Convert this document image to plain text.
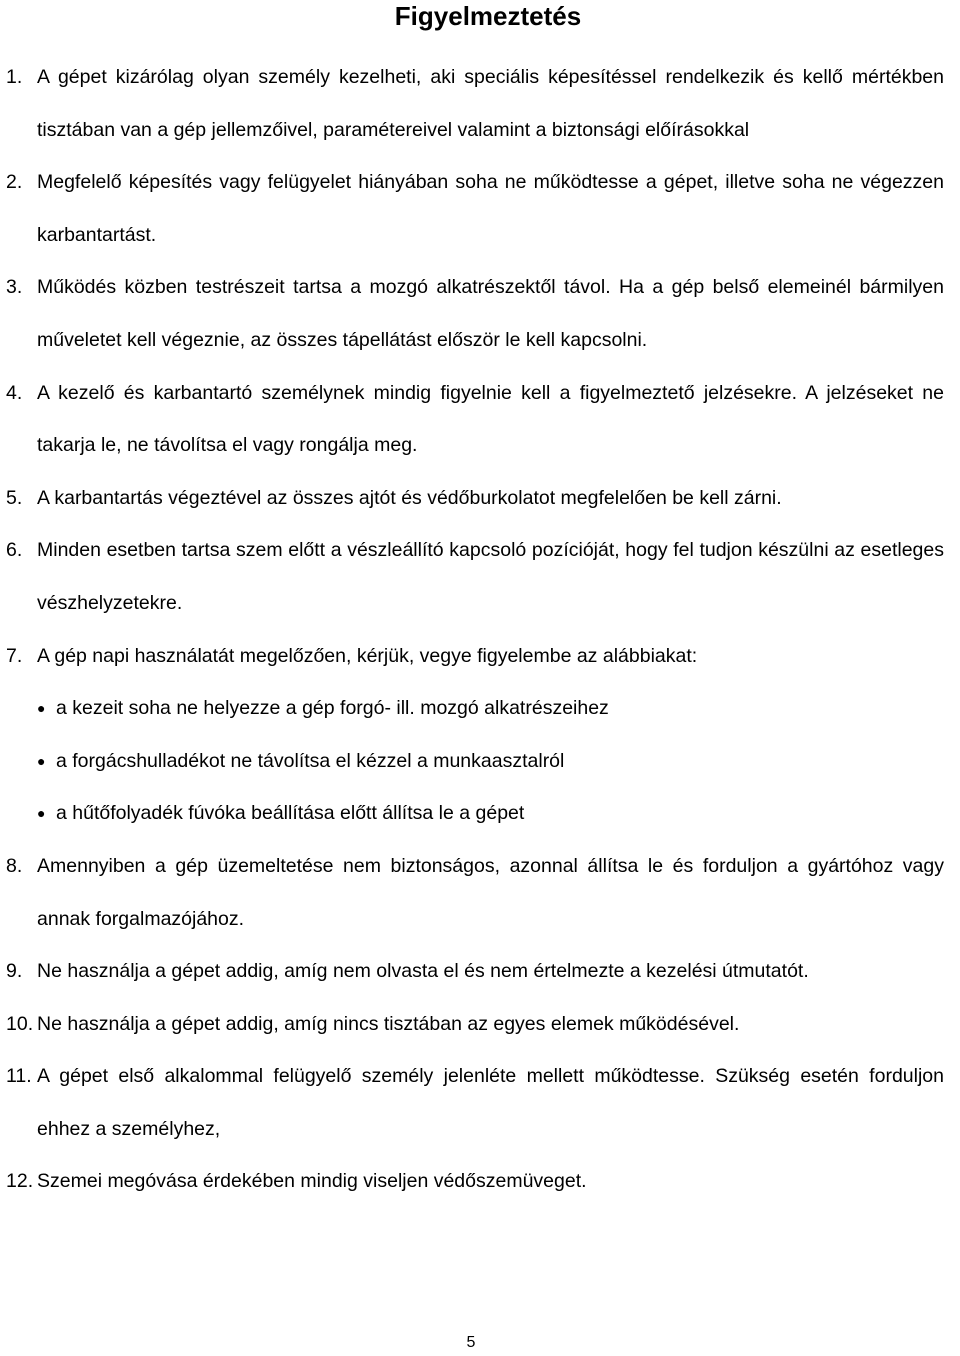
Figyelmeztetés
1. A gépet kizárólag olyan személy kezelheti, aki speciális képesítéssel rendelkezik és kellő mértékben tisztában van a gép jellemzőivel, paramétereivel valamint a biztonsági előírásokkal
2. Megfelelő képesítés vagy felügyelet hiányában soha ne működtesse a gépet, illetve soha ne végezzen karbantartást.
3. Működés közben testrészeit tartsa a mozgó alkatrészektől távol. Ha a gép belső elemeinél bármilyen műveletet kell végeznie, az összes tápellátást először le kell kapcsolni.
4. A kezelő és karbantartó személynek mindig figyelnie kell a figyelmeztető jelzésekre. A jelzéseket ne takarja le, ne távolítsa el vagy rongálja meg.
5. A karbantartás végeztével az összes ajtót és védőburkolatot megfelelően be kell zárni.
6. Minden esetben tartsa szem előtt a vészleállító kapcsoló pozícióját, hogy fel tudjon készülni az esetleges vészhelyzetekre.
7. A gép napi használatát megelőzően, kérjük, vegye figyelembe az alábbiakat:
● a kezeit soha ne helyezze a gép forgó- ill. mozgó alkatrészeihez
● a forgácshulladékot ne távolítsa el kézzel a munkaasztalról
● a hűtőfolyadék fúvóka beállítása előtt állítsa le a gépet
8. Amennyiben a gép üzemeltetése nem biztonságos, azonnal állítsa le és forduljon a gyártóhoz vagy annak forgalmazójához.
9. Ne használja a gépet addig, amíg nem olvasta el és nem értelmezte a kezelési útmutatót.
10. Ne használja a gépet addig, amíg nincs tisztában az egyes elemek működésével.
11. A gépet első alkalommal felügyelő személy jelenléte mellett működtesse. Szükség esetén forduljon ehhez a személyhez,
12. Szemei megóvása érdekében mindig viseljen védőszemüveget.
5
